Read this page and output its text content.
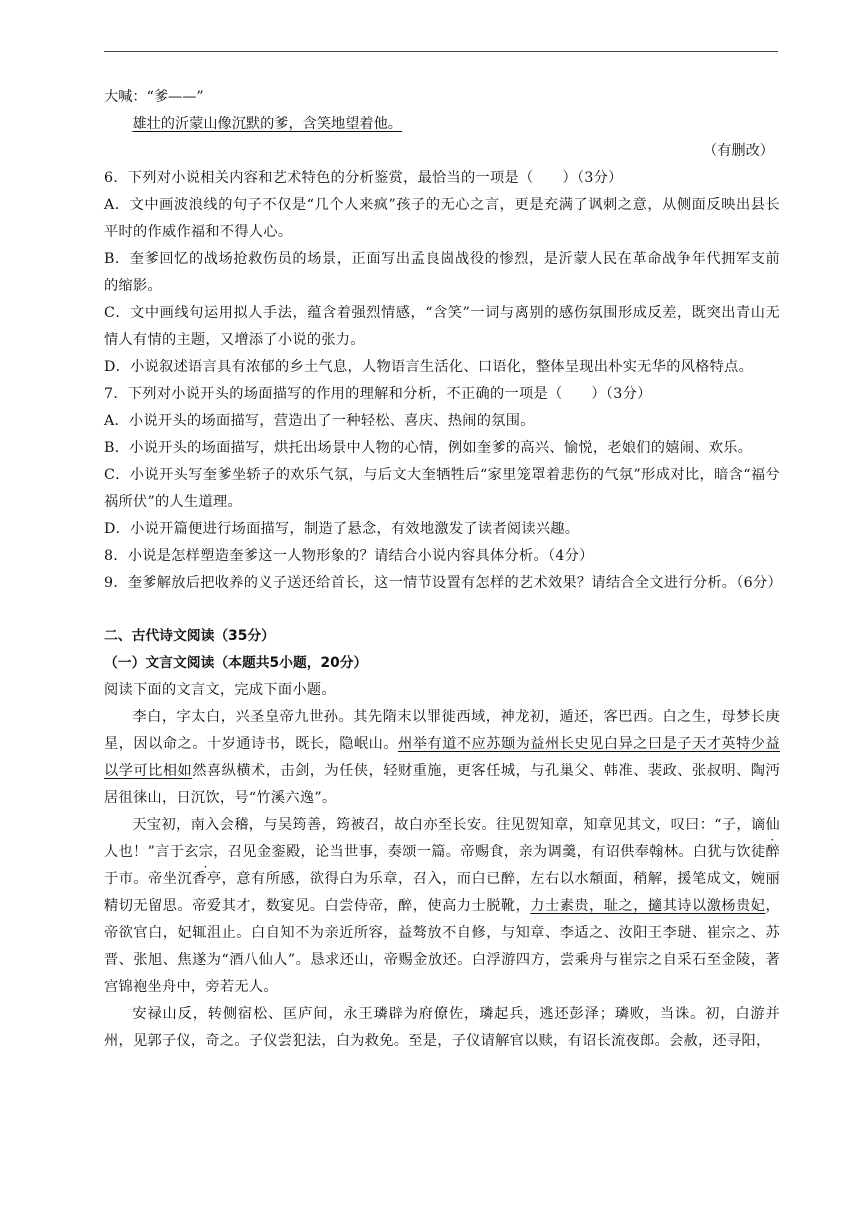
大喊：“爹——”
雄壮的沂蒙山像沉默的爹，含笑地望着他。
（有删改）
6．下列对小说相关内容和艺术特色的分析鉴赏，最恰当的一项是（　　）（3分）
A．文中画波浪线的句子不仅是“几个人来疯”孩子的无心之言，更是充满了讽刺之意，从侧面反映出县长平时的作威作福和不得人心。
B．奎爹回忆的战场抢救伤员的场景，正面写出孟良崮战役的惨烈，是沂蒙人民在革命战争年代拥军支前的缩影。
C．文中画线句运用拟人手法，蕴含着强烈情感，“含笑”一词与离别的感伤氛围形成反差，既突出青山无情人有情的主题，又增添了小说的张力。
D．小说叙述语言具有浓郁的乡土气息，人物语言生活化、口语化，整体呈现出朴实无华的风格特点。
7．下列对小说开头的场面描写的作用的理解和分析，不正确的一项是（　　）（3分）
A．小说开头的场面描写，营造出了一种轻松、喜庆、热闹的氛围。
B．小说开头的场面描写，烘托出场景中人物的心情，例如奎爹的高兴、愉悦，老娘们的嬉闹、欢乐。
C．小说开头写奎爹坐轿子的欢乐气氛，与后文大奎牺牲后“家里笼罩着悲伤的气氛”形成对比，暗含“福兮祸所伏”的人生道理。
D．小说开篇便进行场面描写，制造了悬念，有效地激发了读者阅读兴趣。
8．小说是怎样塑造奎爹这一人物形象的？请结合小说内容具体分析。（4分）
9．奎爹解放后把收养的义子送还给首长，这一情节设置有怎样的艺术效果？请结合全文进行分析。（6分）
二、古代诗文阅读（35分）
（一）文言文阅读（本题共5小题，20分）
阅读下面的文言文，完成下面小题。
李白，字太白，兴圣皇帝九世孙。其先隋末以罪徙西域，神龙初，遁还，客巴西。白之生，母梦长庚星，因以命之。十岁通诗书，既长，隐岷山。州举有道不应苏颋为益州长史见白异之曰是子天才英特少益以学可比相如然喜纵横术，击剑，为任侠，轻财重施，更客任城，与孔巢父、韩准、裴政、张叔明、陶沔居徂徕山，日沉饮，号“竹溪六逸”。
天宝初，南入会稽，与吴筠善，筠被召，故白亦至长安。往见贺知章，知章见其文，叹曰：“子，谪仙人也！”言于玄宗，召见金銮殿，论当世事，奏颂一篇。帝赐食，亲为调羹，有诏供奉翰林。白犹与饮徒醉于市。帝坐沉香亭，意有所感，欲得白为乐章，召入，而白已醉，左右以水頮面，稍解，援笔成文，婉丽精切无留思。帝爱其才，数宴见。白尝侍帝，醉，使高力士脱靴，力士素贵，耻之，擿其诗以激杨贵妃，帝欲官白，妃辄沮止。白自知不为亲近所容，益骜放不自修，与知章、李适之、汝阳王李琎、崔宗之、苏晋、张旭、焦遂为“酒八仙人”。恳求还山，帝赐金放还。白浮游四方，尝乘舟与崔宗之自采石至金陵，著宫锦袍坐舟中，旁若无人。
安禄山反，转侧宿松、匡庐间，永王璘辟为府僚佐，璘起兵，逃还彭泽；璘败，当诛。初，白游并州，见郭子仪，奇之。子仪尝犯法，白为救免。至是，子仪请解官以赎，有诏长流夜郎。会赦，还寻阳，
